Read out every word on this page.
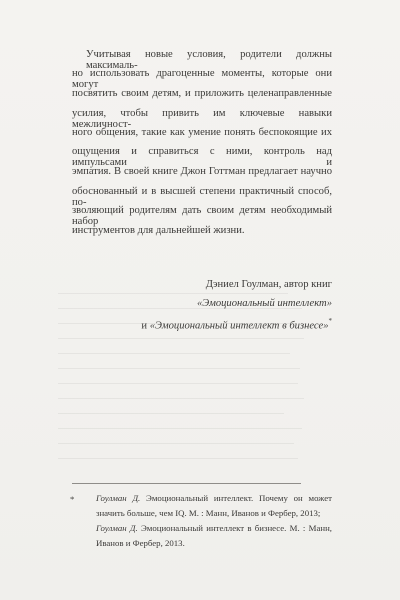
Учитывая новые условия, родители должны максималь-
но использовать драгоценные моменты, которые они могут
посвятить своим детям, и приложить целенаправленные
усилия, чтобы привить им ключевые навыки межличност-
ного общения, такие как умение понять беспокоящие их
ощущения и справиться с ними, контроль над импульсами и
эмпатия. В своей книге Джон Готтман предлагает научно
обоснованный и в высшей степени практичный способ, по-
зволяющий родителям дать своим детям необходимый набор
инструментов для дальнейшей жизни.
Дэниел Гоулман, автор книг
«Эмоциональный интеллект»
и «Эмоциональный интеллект в бизнесе»*
* Гоулман Д. Эмоциональный интеллект. Почему он может
значить больше, чем IQ. М. : Манн, Иванов и Фербер, 2013;
Гоулман Д. Эмоциональный интеллект в бизнесе. М. : Манн,
Иванов и Фербер, 2013.
